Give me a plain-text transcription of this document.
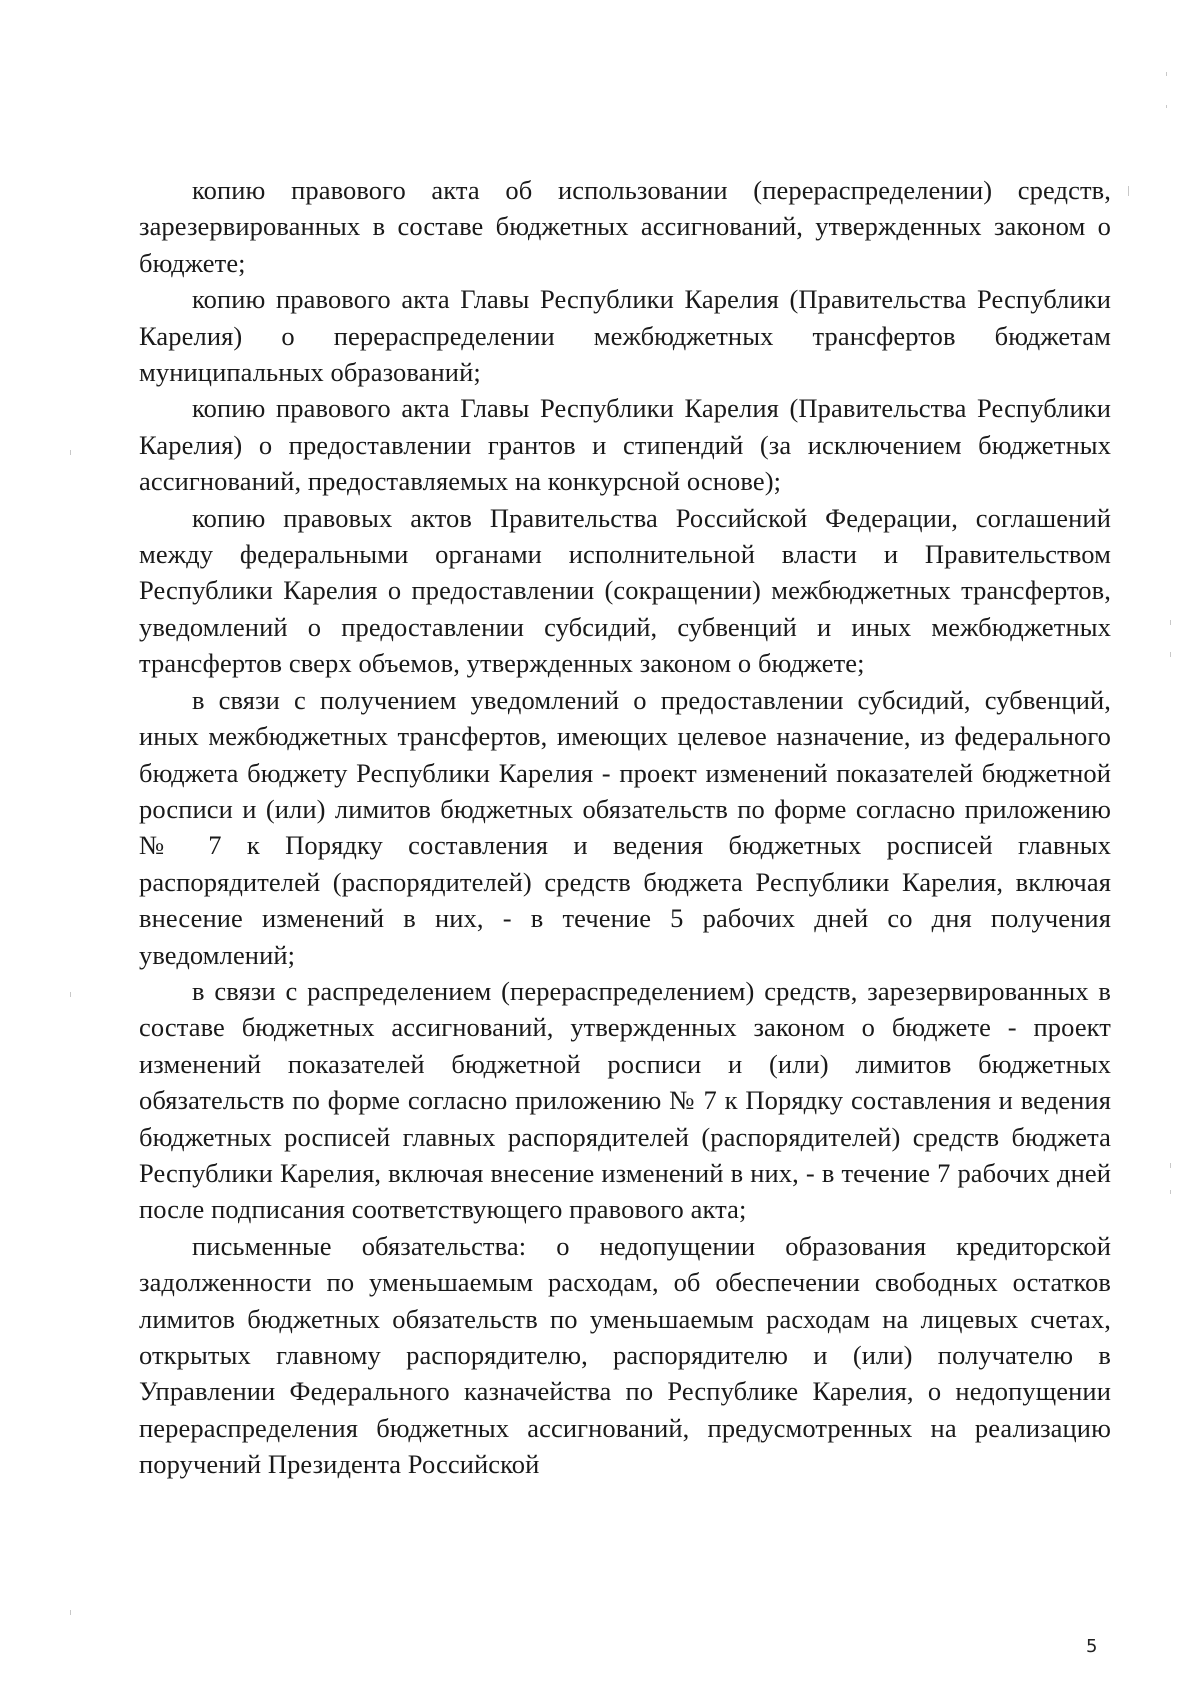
копию правового акта об использовании (перераспределении) средств, зарезервированных в составе бюджетных ассигнований, утвержденных законом о бюджете;

копию правового акта Главы Республики Карелия (Правительства Республики Карелия) о перераспределении межбюджетных трансфертов бюджетам муниципальных образований;

копию правового акта Главы Республики Карелия (Правительства Республики Карелия) о предоставлении грантов и стипендий (за исключением бюджетных ассигнований, предоставляемых на конкурсной основе);

копию правовых актов Правительства Российской Федерации, соглашений между федеральными органами исполнительной власти и Правительством Республики Карелия о предоставлении (сокращении) межбюджетных трансфертов, уведомлений о предоставлении субсидий, субвенций и иных межбюджетных трансфертов сверх объемов, утвержденных законом о бюджете;

в связи с получением уведомлений о предоставлении субсидий, субвенций, иных межбюджетных трансфертов, имеющих целевое назначение, из федерального бюджета бюджету Республики Карелия - проект изменений показателей бюджетной росписи и (или) лимитов бюджетных обязательств по форме согласно приложению № 7 к Порядку составления и ведения бюджетных росписей главных распорядителей (распорядителей) средств бюджета Республики Карелия, включая внесение изменений в них, - в течение 5 рабочих дней со дня получения уведомлений;

в связи с распределением (перераспределением) средств, зарезервированных в составе бюджетных ассигнований, утвержденных законом о бюджете - проект изменений показателей бюджетной росписи и (или) лимитов бюджетных обязательств по форме согласно приложению № 7 к Порядку составления и ведения бюджетных росписей главных распорядителей (распорядителей) средств бюджета Республики Карелия, включая внесение изменений в них, - в течение 7 рабочих дней после подписания соответствующего правового акта;

письменные обязательства: о недопущении образования кредиторской задолженности по уменьшаемым расходам, об обеспечении свободных остатков лимитов бюджетных обязательств по уменьшаемым расходам на лицевых счетах, открытых главному распорядителю, распорядителю и (или) получателю в Управлении Федерального казначейства по Республике Карелия, о недопущении перераспределения бюджетных ассигнований, предусмотренных на реализацию поручений Президента Российской

5
